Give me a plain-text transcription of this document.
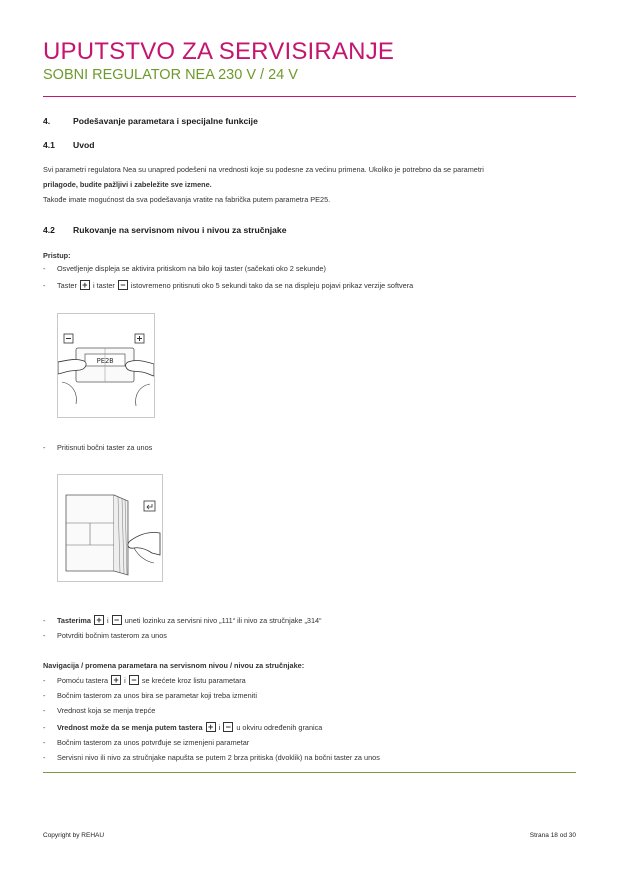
UPUTSTVO ZA SERVISIRANJE
SOBNI REGULATOR NEA 230 V / 24 V
4.	Podešavanje parametara i specijalne funkcije
4.1 Uvod
Svi parametri regulatora Nea su unapred podešeni na vrednosti koje su podesne za većinu primena. Ukoliko je potrebno da se parametri
prilagode, budite pažljivi i zabeležite sve izmene.
Takođe imate mogućnost da sva podešavanja vratite na fabrička putem parametra PE25.
4.2 Rukovanje na servisnom nivou i nivou za stručnjake
Pristup:
- Osvetljenje displeja se aktivira pritiskom na bilo koji taster (sačekati oko 2 sekunde)
- Taster + i taster − istovremeno pritisnuti oko 5 sekundi tako da se na displeju pojavi prikaz verzije softvera
PE2B
- Pritisnuti bočni taster za unos
- Tasterima + i − uneti lozinku za servisni nivo „111“ ili nivo za stručnjake „314“
- Potvrditi bočnim tasterom za unos
Navigacija / promena parametara na servisnom nivou / nivou za stručnjake:
- Pomoću tastera + i − se krećete kroz listu parametara
- Bočnim tasterom za unos bira se parametar koji treba izmeniti
- Vrednost koja se menja trepće
- Vrednost može da se menja putem tastera + i − u okviru određenih granica
- Bočnim tasterom za unos potvrđuje se izmenjeni parametar
- Servisni nivo ili nivo za stručnjake napušta se putem 2 brza pritiska (dvoklik) na bočni taster za unos
Copyright by REHAU	Strana 18 od 30
